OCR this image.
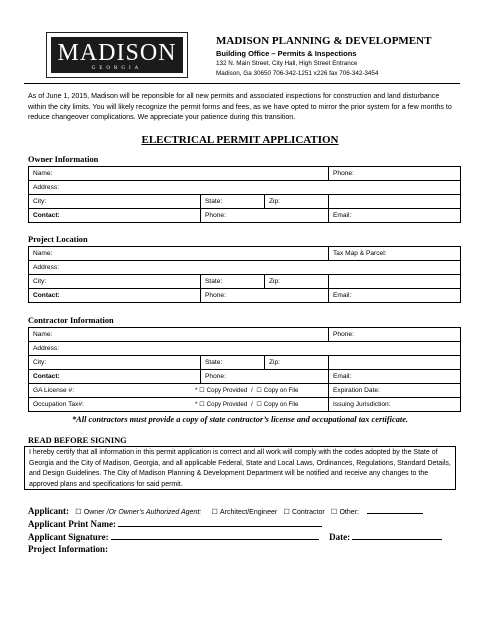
MADISON
GEORGIA
MADISON PLANNING & DEVELOPMENT
Building Office – Permits & Inspections
132 N. Main Street, City Hall, High Street Entrance
Madison, Ga 30650 706-342-1251 x226 fax 706-342-3454
As of June 1, 2015, Madison will be reponsible for all new permits and associated inspections for construction and land disturbance within the city limits. You will likely recognize the permit forms and fees, as we have opted to mirror the prior system for a few months to reduce changeover complications. We appreciate your patience during this transition.
ELECTRICAL PERMIT APPLICATION
Owner Information
Name:			Phone:
Address:			
City:	State:	Zip:	
Contact:	Phone:		Email:
Project Location
Name:			Tax Map & Parcel:
Address:			
City:	State:	Zip:	
Contact:	Phone:		Email:
Contractor Information
Name:			Phone:
Address:			
City:	State:	Zip:	
Contact:	Phone:		Email:
GA License #: * ☐ Copy Provided / ☐ Copy on File			Expiration Date:
Occupation Tax#: * ☐ Copy Provided / ☐ Copy on File			Issuing Jurisdiction:
*All contractors must provide a copy of state contractor’s license and occupational tax certificate.
READ BEFORE SIGNING
I hereby certify that all information in this permit application is correct and all work will comply with the codes adopted by the State of Georgia and the City of Madison, Georgia, and all applicable Federal, State and Local Laws, Ordinances, Regulations, Standard Details, and Design Guidelines. The City of Madison Planning & Development Department will be notified and receive any changes to the approved plans and specifications for said permit.
Applicant: ☐ Owner /Or Owner’s Authorized Agent: ☐ Architect/Engineer ☐ Contractor ☐ Other:
Applicant Print Name:
Applicant Signature:	Date:
Project Information:
